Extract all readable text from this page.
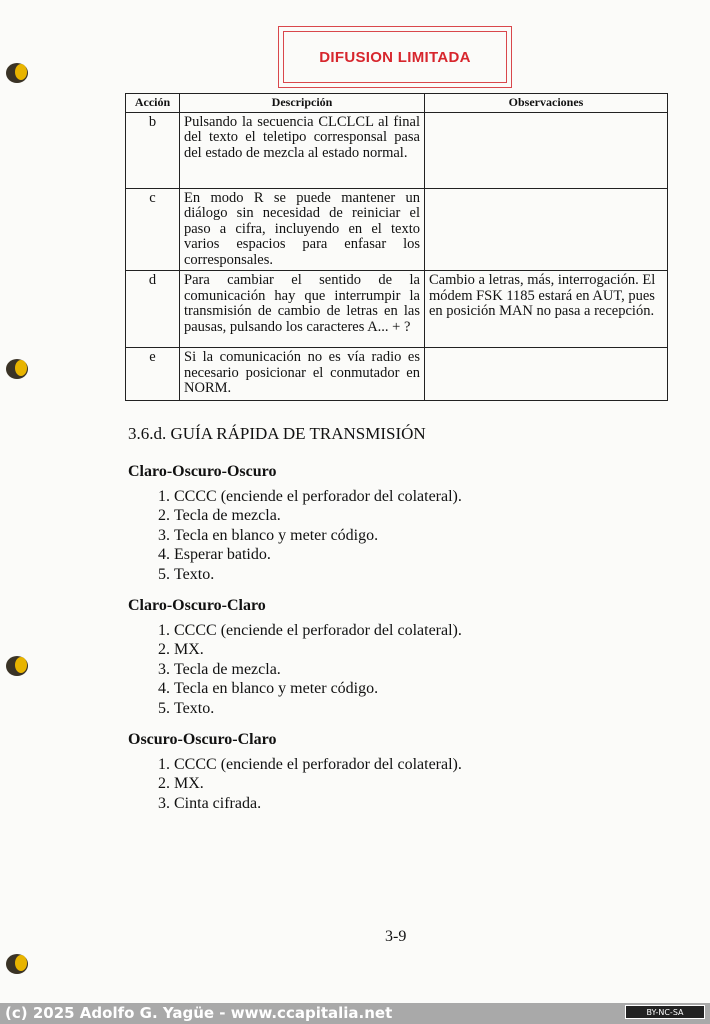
DIFUSION LIMITADA
Acción	Descripción	Observaciones
b	Pulsando la secuencia CLCLCL al final del texto el teletipo corresponsal pasa del estado de mezcla al estado normal.	
c	En modo R se puede mantener un diálogo sin necesidad de reiniciar el paso a cifra, incluyendo en el texto varios espacios para enfasar los corresponsales.	
d	Para cambiar el sentido de la comunicación hay que interrumpir la transmisión de cambio de letras en las pausas, pulsando los caracteres A... + ?	Cambio a letras, más, interrogación. El módem FSK 1185 estará en AUT, pues en posición MAN no pasa a recepción.
e	Si la comunicación no es vía radio es necesario posicionar el conmutador en NORM.	
3.6.d. GUÍA RÁPIDA DE TRANSMISIÓN
Claro-Oscuro-Oscuro
1. CCCC (enciende el perforador del colateral).
2. Tecla de mezcla.
3. Tecla en blanco y meter código.
4. Esperar batido.
5. Texto.
Claro-Oscuro-Claro
1. CCCC (enciende el perforador del colateral).
2. MX.
3. Tecla de mezcla.
4. Tecla en blanco y meter código.
5. Texto.
Oscuro-Oscuro-Claro
1. CCCC (enciende el perforador del colateral).
2. MX.
3. Cinta cifrada.
3-9
(c) 2025 Adolfo G. Yagüe - www.ccapitalia.net	BY-NC-SA
